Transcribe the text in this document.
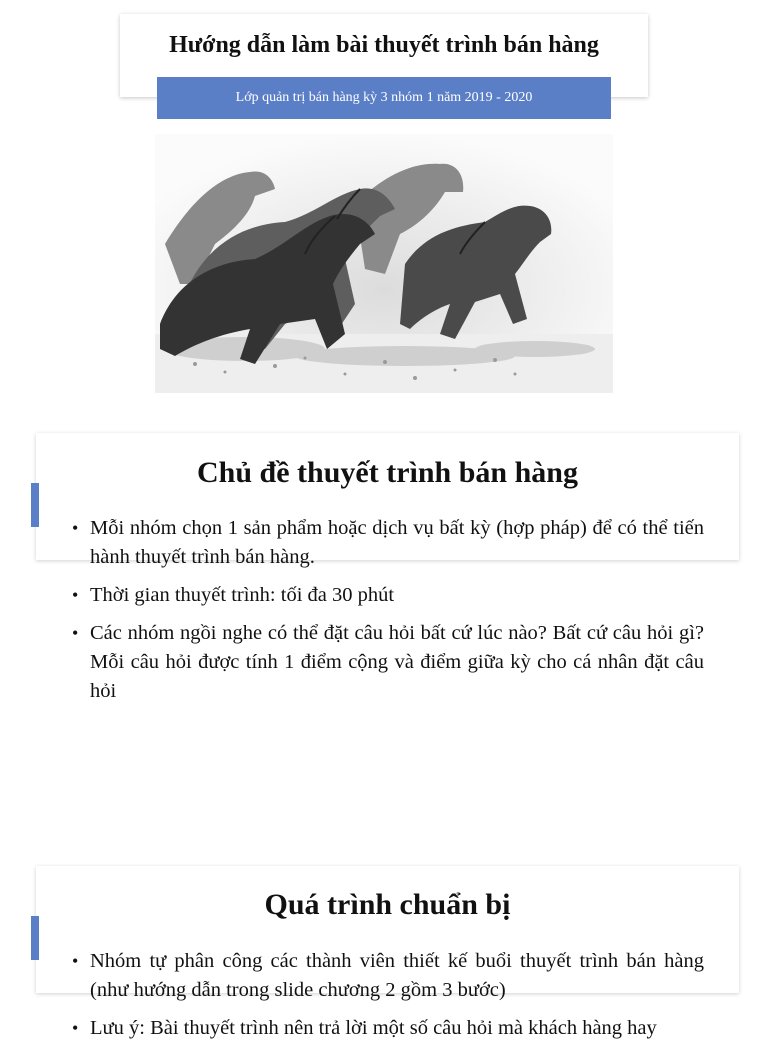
Hướng dẫn làm bài thuyết trình bán hàng
Lớp quản trị bán hàng kỳ 3 nhóm 1 năm 2019 - 2020
Chủ đề thuyết trình bán hàng
• Mỗi nhóm chọn 1 sản phẩm hoặc dịch vụ bất kỳ (hợp pháp) để có thể tiến hành thuyết trình bán hàng.
• Thời gian thuyết trình: tối đa 30 phút
• Các nhóm ngồi nghe có thể đặt câu hỏi bất cứ lúc nào? Bất cứ câu hỏi gì? Mỗi câu hỏi được tính 1 điểm cộng và điểm giữa kỳ cho cá nhân đặt câu hỏi
Quá trình chuẩn bị
• Nhóm tự phân công các thành viên thiết kế buổi thuyết trình bán hàng (như hướng dẫn trong slide chương 2 gồm 3 bước)
• Lưu ý: Bài thuyết trình nên trả lời một số câu hỏi mà khách hàng hay
